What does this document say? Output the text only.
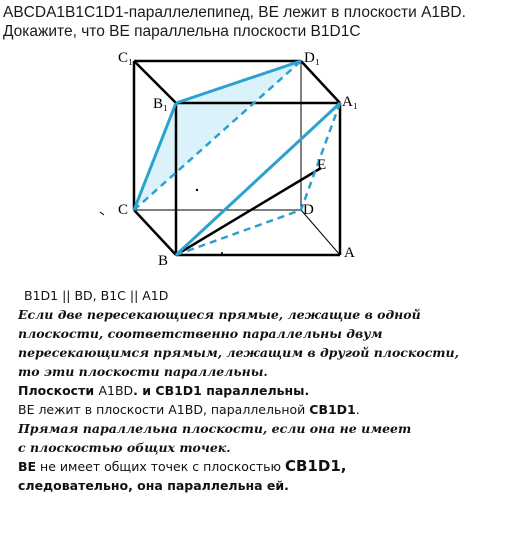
ABCDA1B1C1D1-параллелепипед, BE лежит в плоскости A1BD.
Докажите, что BE параллельна плоскости B1D1C
C₁	D₁
B₁	A₁
E
C	D
B	A
B1D1 || BD, B1C || A1D
Если две пересекающиеся прямые, лежащие в одной
плоскости, соответственно параллельны двум
пересекающимся прямым, лежащим в другой плоскости,
то эти плоскости параллельны.
Плоскости A1BD. и CB1D1 параллельны.
BE лежит в плоскости A1BD, параллельной CB1D1.
Прямая параллельна плоскости, если она не имеет
с плоскостью общих точек.
BE не имеет общих точек с плоскостью CB1D1,
следовательно, она параллельна ей.
